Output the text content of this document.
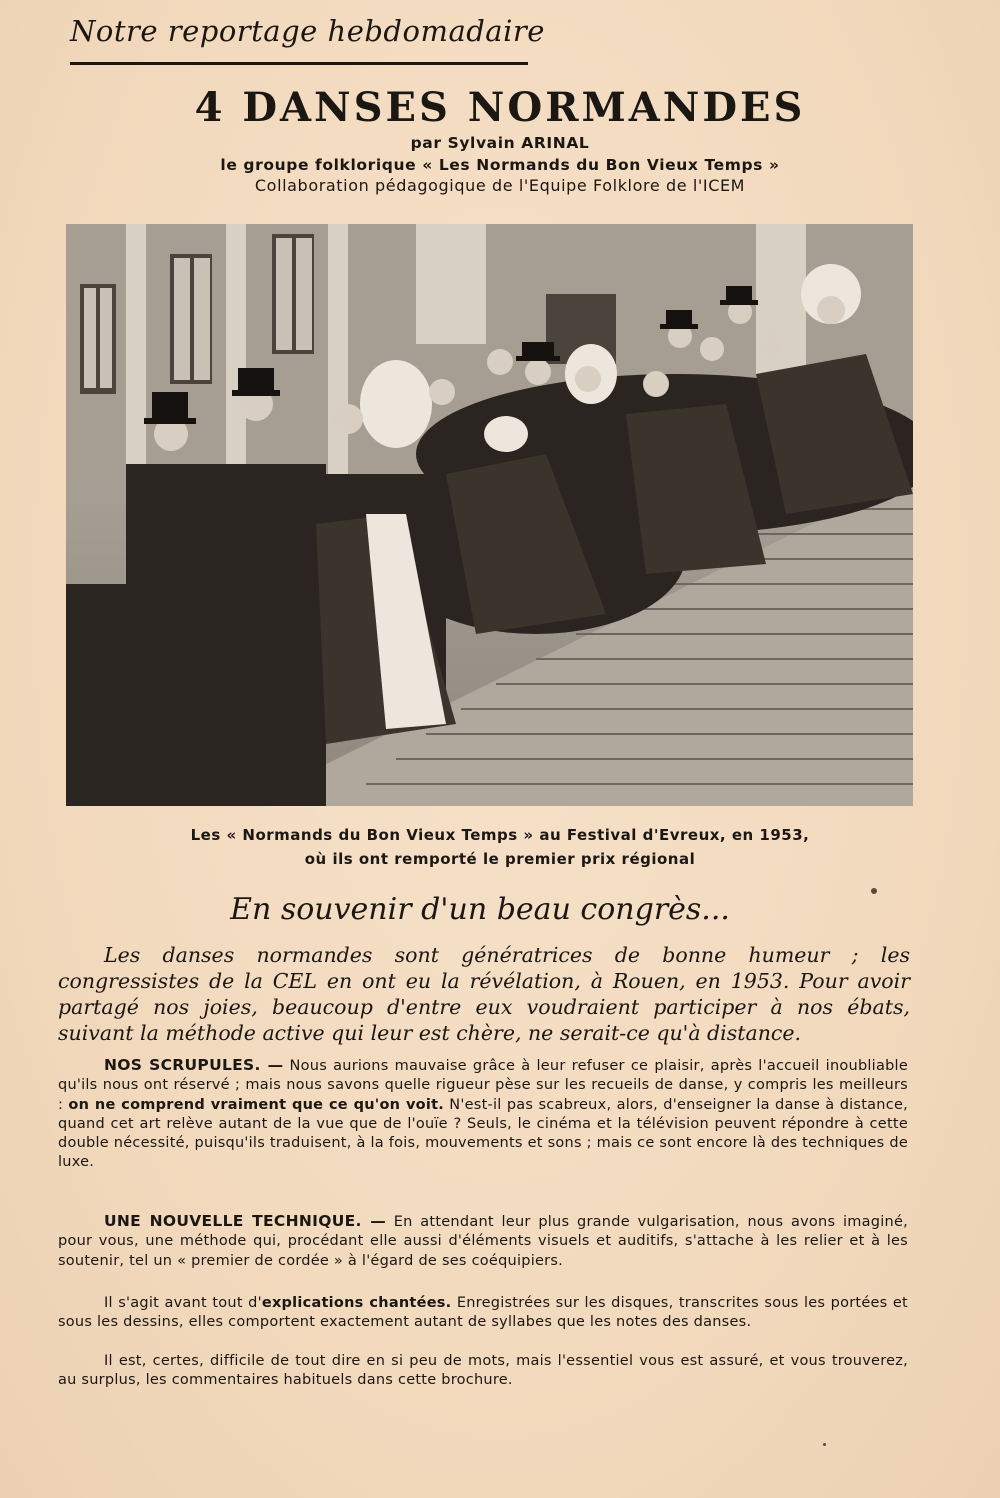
Notre reportage hebdomadaire
4 DANSES NORMANDES

par Sylvain ARINAL

le groupe folklorique « Les Normands du Bon Vieux Temps »

Collaboration pédagogique de l'Equipe Folklore de l'ICEM

Les « Normands du Bon Vieux Temps » au Festival d'Evreux, en 1953,

où ils ont remporté le premier prix régional

En souvenir d'un beau congrès...

Les danses normandes sont génératrices de bonne humeur ; les congressistes de la CEL en ont eu la révélation, à Rouen, en 1953. Pour avoir partagé nos joies, beaucoup d'entre eux voudraient participer à nos ébats, suivant la méthode active qui leur est chère, ne serait-ce qu'à distance.

NOS SCRUPULES. — Nous aurions mauvaise grâce à leur refuser ce plaisir, après l'accueil inoubliable qu'ils nous ont réservé ; mais nous savons quelle rigueur pèse sur les recueils de danse, y compris les meilleurs : on ne comprend vraiment que ce qu'on voit. N'est-il pas scabreux, alors, d'enseigner la danse à distance, quand cet art relève autant de la vue que de l'ouïe ? Seuls, le cinéma et la télévision peuvent répondre à cette double nécessité, puisqu'ils traduisent, à la fois, mouvements et sons ; mais ce sont encore là des techniques de luxe.

UNE NOUVELLE TECHNIQUE. — En attendant leur plus grande vulgarisation, nous avons imaginé, pour vous, une méthode qui, procédant elle aussi d'éléments visuels et auditifs, s'attache à les relier et à les soutenir, tel un « premier de cordée » à l'égard de ses coéquipiers.

Il s'agit avant tout d'explications chantées. Enregistrées sur les disques, transcrites sous les portées et sous les dessins, elles comportent exactement autant de syllabes que les notes des danses.

Il est, certes, difficile de tout dire en si peu de mots, mais l'essentiel vous est assuré, et vous trouverez, au surplus, les commentaires habituels dans cette brochure.
